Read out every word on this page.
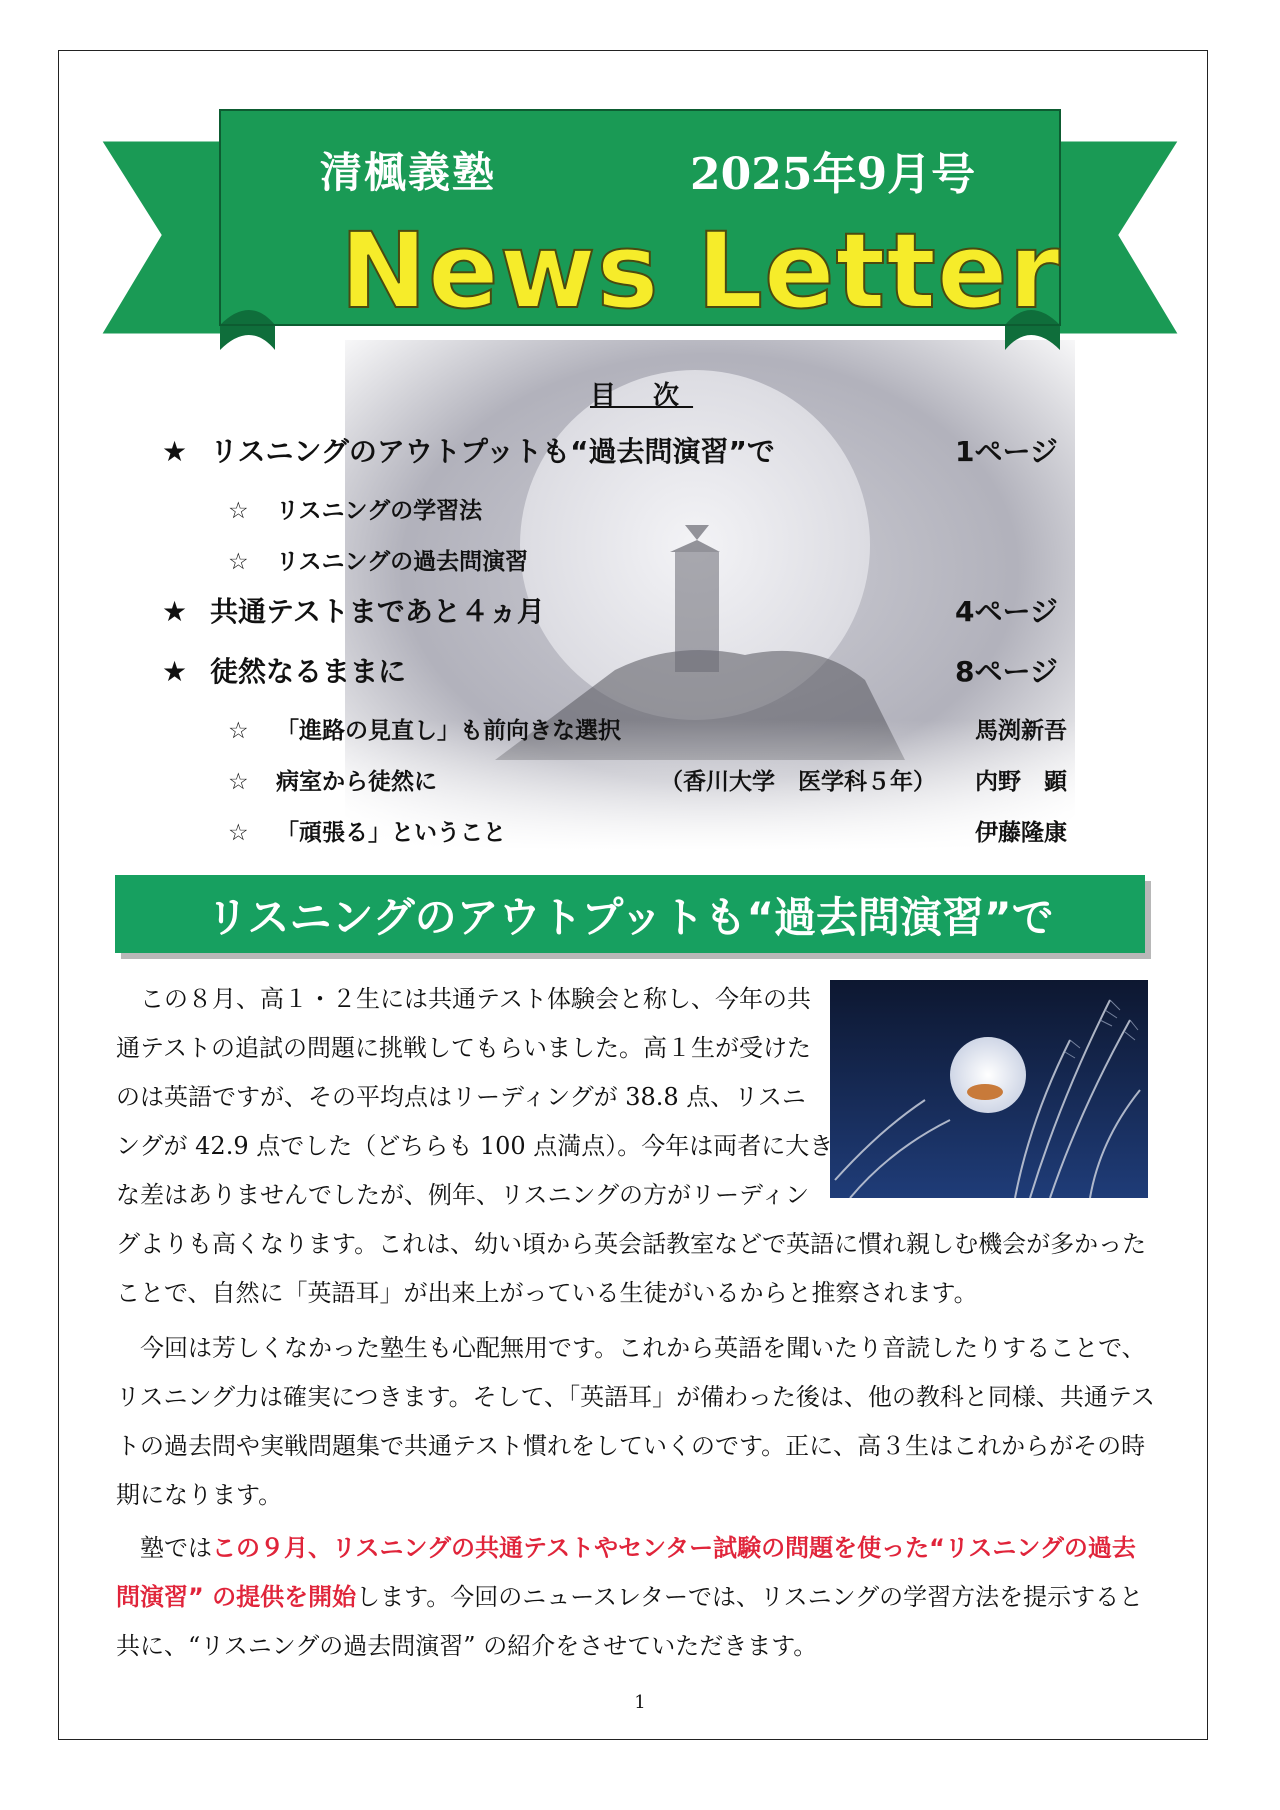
清楓義塾	2025年9月号
News Letter
目 次
★ リスニングのアウトプットも“過去問演習”で	1ページ
☆ リスニングの学習法
☆ リスニングの過去問演習
★ 共通テストまであと４ヵ月	4ページ
★ 徒然なるままに	8ページ
☆ 「進路の見直し」も前向きな選択	馬渕新吾
☆ 病室から徒然に	（香川大学　医学科５年） 内野　顕
☆ 「頑張る」ということ	伊藤隆康
リスニングのアウトプットも“過去問演習”で
この８月、高１・２生には共通テスト体験会と称し、今年の共
通テストの追試の問題に挑戦してもらいました。高１生が受けた
のは英語ですが、その平均点はリーディングが 38.8 点、リスニ
ングが 42.9 点でした（どちらも 100 点満点）。今年は両者に大き
な差はありませんでしたが、例年、リスニングの方がリーディン
グよりも高くなります。これは、幼い頃から英会話教室などで英語に慣れ親しむ機会が多かった
ことで、自然に「英語耳」が出来上がっている生徒がいるからと推察されます。
今回は芳しくなかった塾生も心配無用です。これから英語を聞いたり音読したりすることで、
リスニング力は確実につきます。そして、「英語耳」が備わった後は、他の教科と同様、共通テス
トの過去問や実戦問題集で共通テスト慣れをしていくのです。正に、高３生はこれからがその時
期になります。
塾ではこの９月、リスニングの共通テストやセンター試験の問題を使った“リスニングの過去
問演習” の提供を開始します。今回のニュースレターでは、リスニングの学習方法を提示すると
共に、“リスニングの過去問演習” の紹介をさせていただきます。
1
